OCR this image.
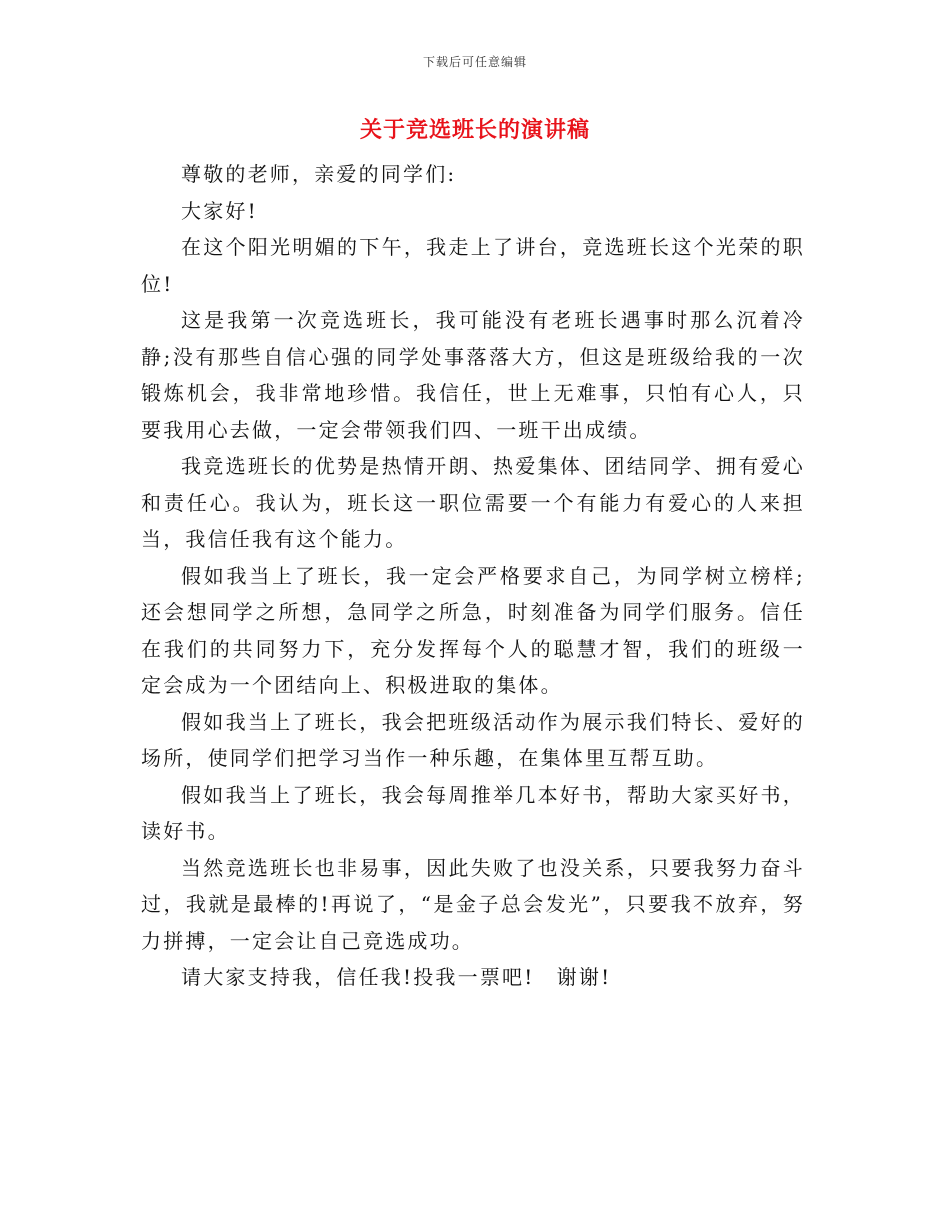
下载后可任意编辑
关于竞选班长的演讲稿

尊敬的老师，亲爱的同学们:

大家好!

在这个阳光明媚的下午，我走上了讲台，竞选班长这个光荣的职位!

这是我第一次竞选班长，我可能没有老班长遇事时那么沉着冷静;没有那些自信心强的同学处事落落大方，但这是班级给我的一次锻炼机会，我非常地珍惜。我信任，世上无难事，只怕有心人，只要我用心去做，一定会带领我们四、一班干出成绩。

我竞选班长的优势是热情开朗、热爱集体、团结同学、拥有爱心和责任心。我认为，班长这一职位需要一个有能力有爱心的人来担当，我信任我有这个能力。

假如我当上了班长，我一定会严格要求自己，为同学树立榜样;还会想同学之所想，急同学之所急，时刻准备为同学们服务。信任在我们的共同努力下，充分发挥每个人的聪慧才智，我们的班级一定会成为一个团结向上、积极进取的集体。

假如我当上了班长，我会把班级活动作为展示我们特长、爱好的场所，使同学们把学习当作一种乐趣，在集体里互帮互助。

假如我当上了班长，我会每周推举几本好书，帮助大家买好书，读好书。

当然竞选班长也非易事，因此失败了也没关系，只要我努力奋斗过，我就是最棒的!再说了，“是金子总会发光”，只要我不放弃，努力拼搏，一定会让自己竞选成功。

请大家支持我，信任我!投我一票吧!　谢谢!
